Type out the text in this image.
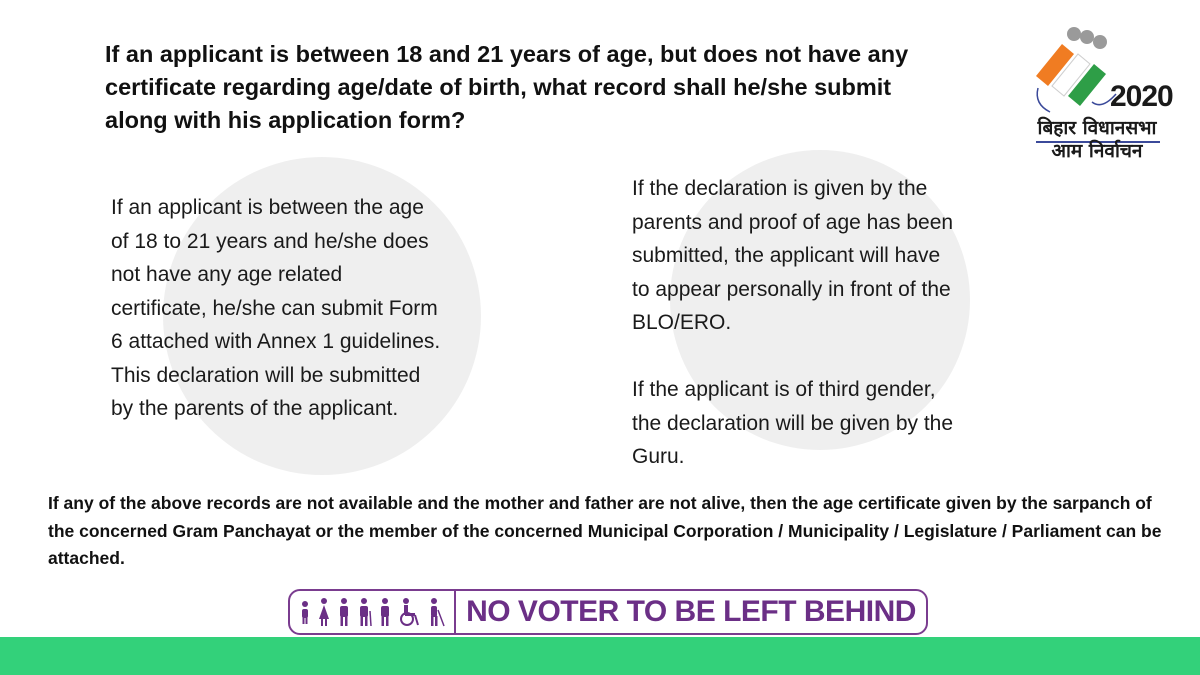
If an applicant is between 18 and 21 years of age, but does not have any certificate regarding age/date of birth, what record shall he/she submit along with his application form?
2020
बिहार विधानसभा
आम निर्वाचन
If an applicant is between the age
of 18 to 21 years and he/she does
not have any age related
certificate, he/she can submit Form
6 attached with Annex 1 guidelines.
This declaration will be submitted
by the parents of the applicant.
If the declaration is given by the
parents and proof of age has been
submitted, the applicant will have
to appear personally in front of the
BLO/ERO.

If the applicant is of third gender,
the declaration will be given by the
Guru.
If any of the above records are not available and the mother and father are not alive, then the age certificate given by the sarpanch of the concerned Gram Panchayat or the member of the concerned Municipal Corporation / Municipality / Legislature / Parliament can be attached.
NO VOTER TO BE LEFT BEHIND
